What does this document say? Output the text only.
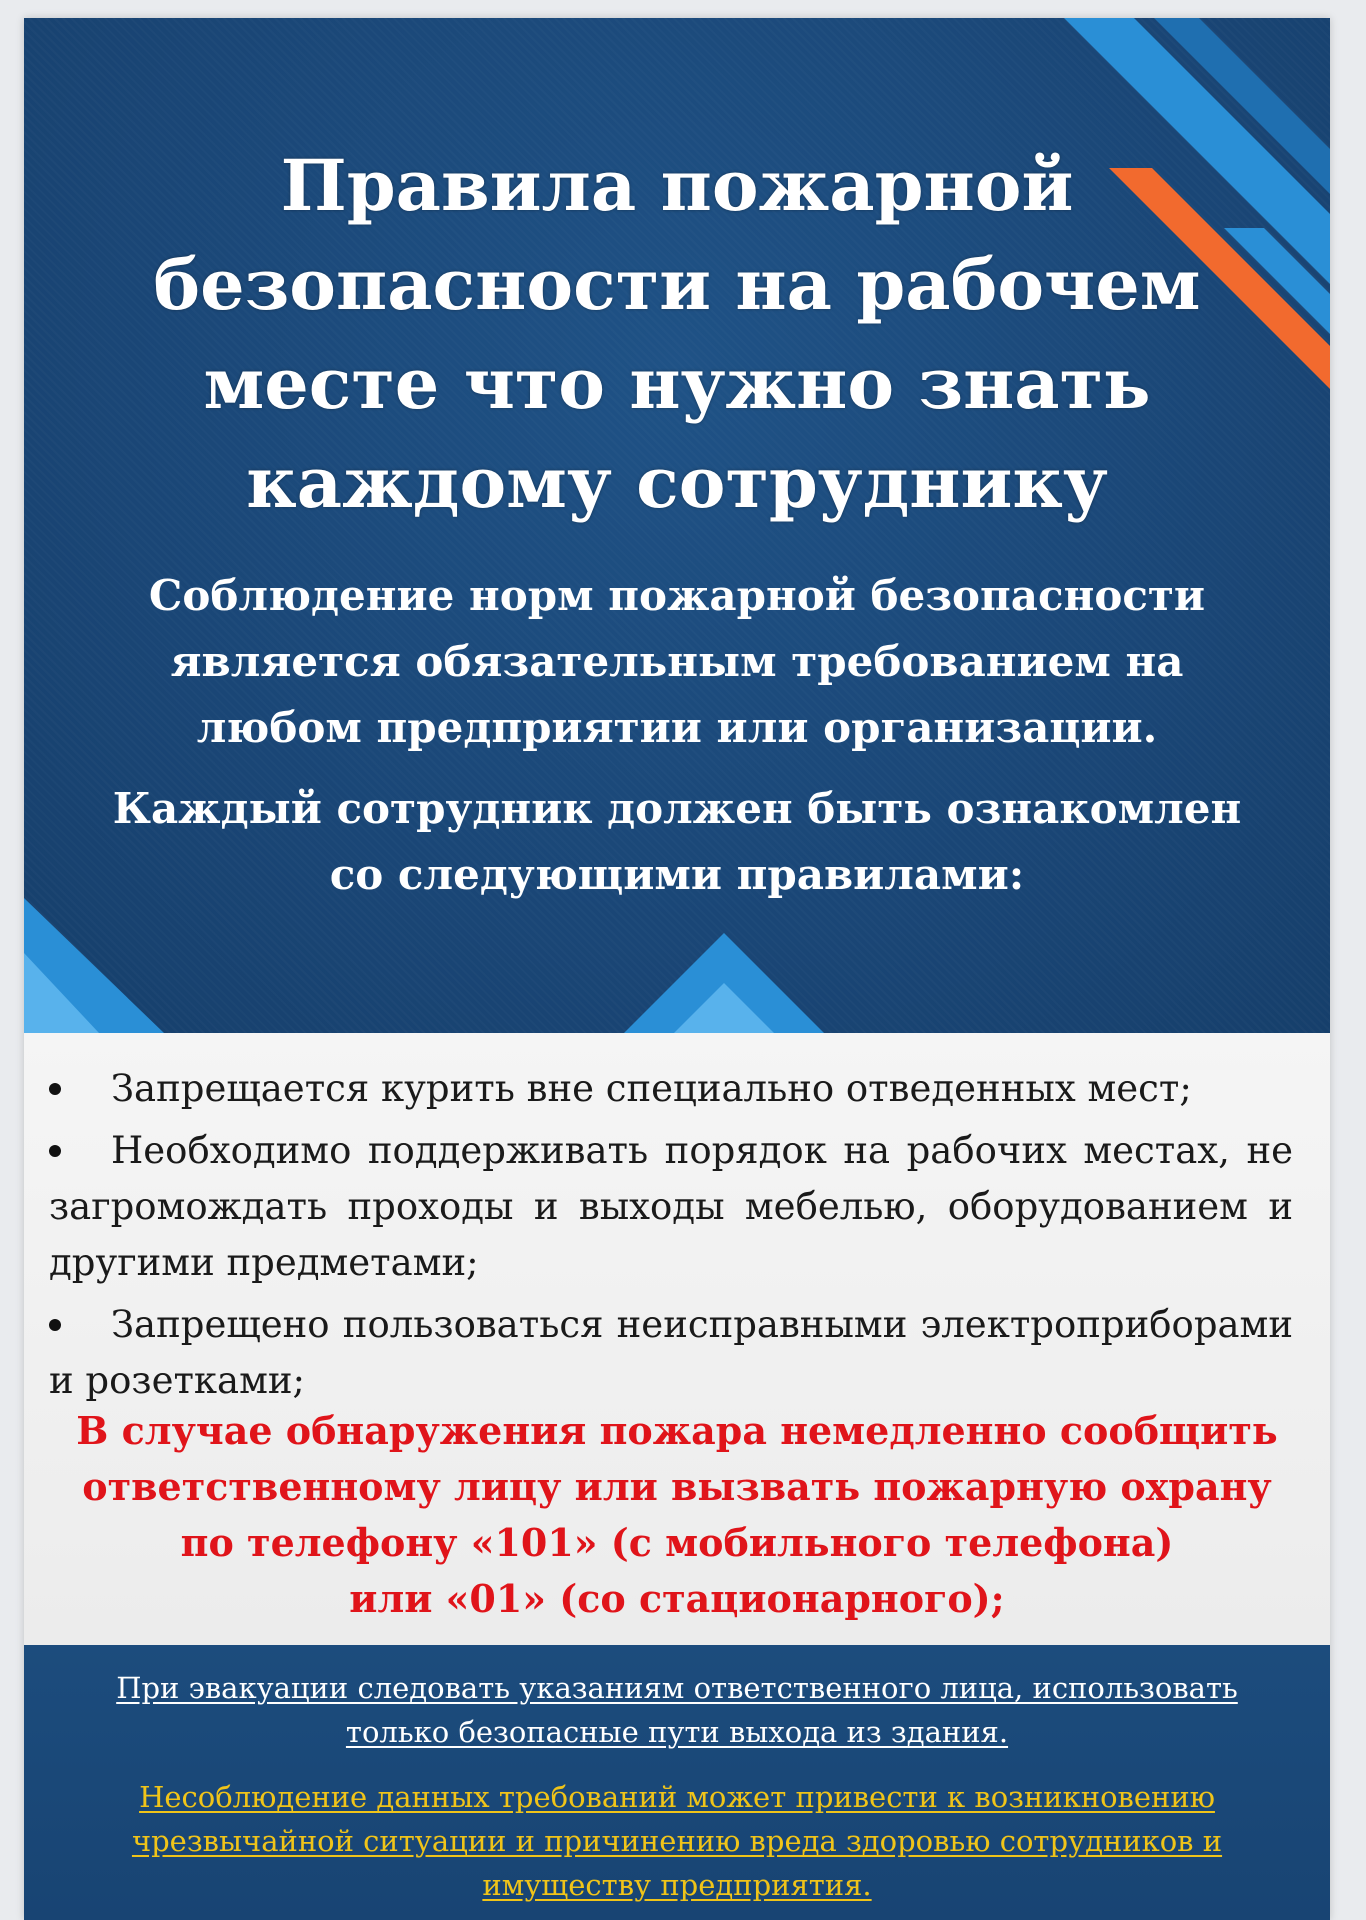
Правила пожарной безопасности на рабочем месте что нужно знать каждому сотруднику

Соблюдение норм пожарной безопасности является обязательным требованием на любом предприятии или организации.

Каждый сотрудник должен быть ознакомлен со следующими правилами:

Запрещается курить вне специально отведенных мест;
Необходимо поддерживать порядок на рабочих местах, не загромождать проходы и выходы мебелью, оборудованием и другими предметами;
Запрещено пользоваться неисправными электроприборами и розетками;
В случае обнаружения пожара немедленно сообщить ответственному лицу или вызвать пожарную охрану по телефону «101» (с мобильного телефона)
или «01» (со стационарного);

При эвакуации следовать указаниям ответственного лица, использовать только безопасные пути выхода из здания.

Несоблюдение данных требований может привести к возникновению чрезвычайной ситуации и причинению вреда здоровью сотрудников и имуществу предприятия.
